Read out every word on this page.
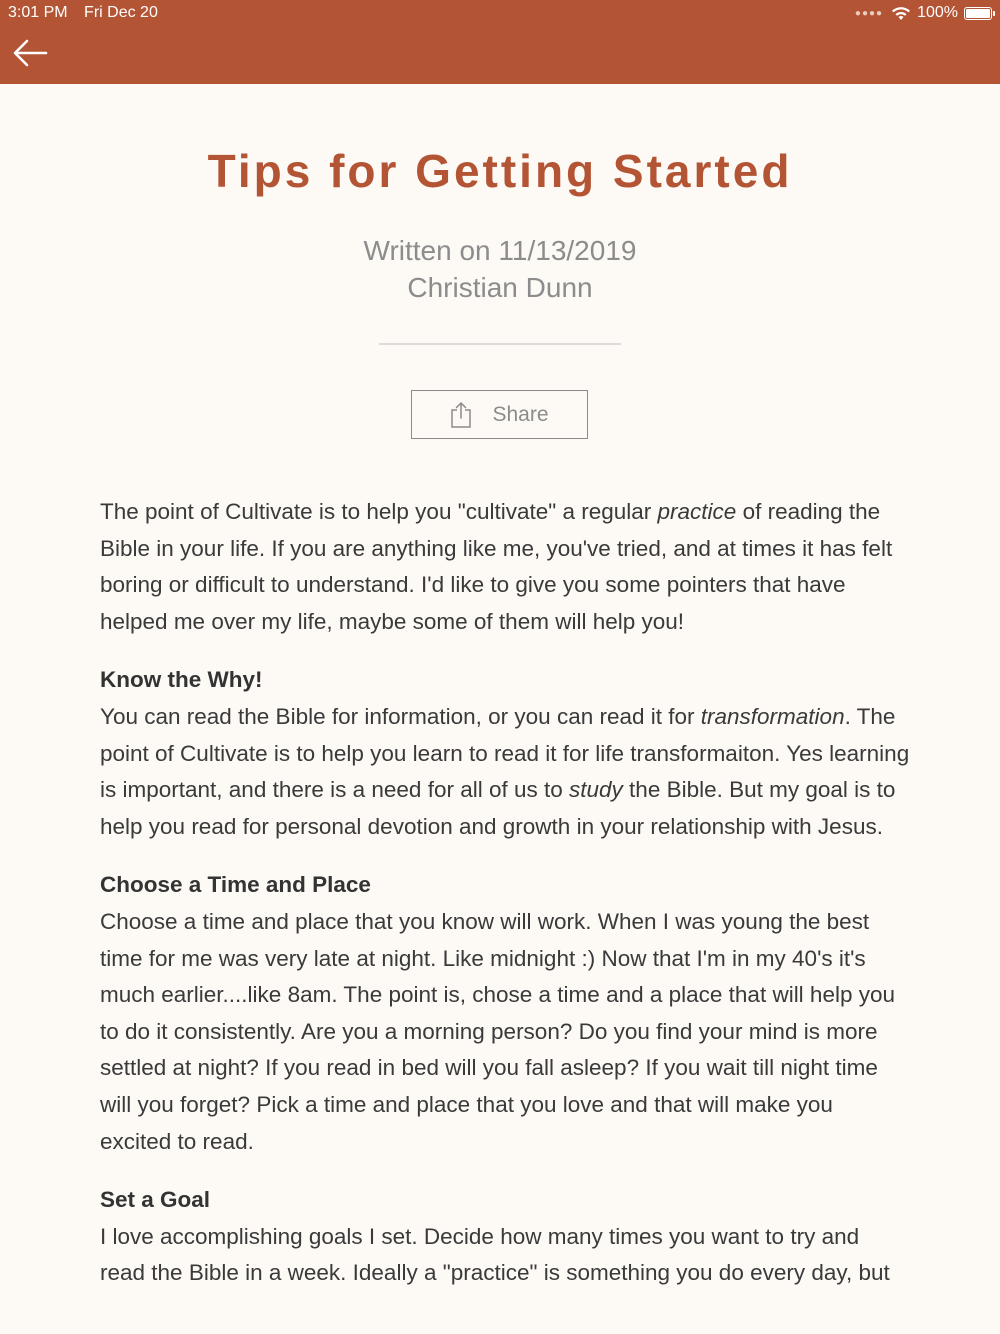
3:01 PM Fri Dec 20	●●●● 100%
Tips for Getting Started
Written on 11/13/2019
Christian Dunn
Share

The point of Cultivate is to help you "cultivate" a regular practice of reading the Bible in your life. If you are anything like me, you've tried, and at times it has felt boring or difficult to understand. I'd like to give you some pointers that have helped me over my life, maybe some of them will help you!

Know the Why!

You can read the Bible for information, or you can read it for transformation. The point of Cultivate is to help you learn to read it for life transformaiton. Yes learning is important, and there is a need for all of us to study the Bible. But my goal is to help you read for personal devotion and growth in your relationship with Jesus.

Choose a Time and Place

Choose a time and place that you know will work. When I was young the best time for me was very late at night. Like midnight :) Now that I'm in my 40's it's much earlier....like 8am. The point is, chose a time and a place that will help you to do it consistently. Are you a morning person? Do you find your mind is more settled at night? If you read in bed will you fall asleep? If you wait till night time will you forget? Pick a time and place that you love and that will make you excited to read.

Set a Goal

I love accomplishing goals I set. Decide how many times you want to try and read the Bible in a week. Ideally a "practice" is something you do every day, but
